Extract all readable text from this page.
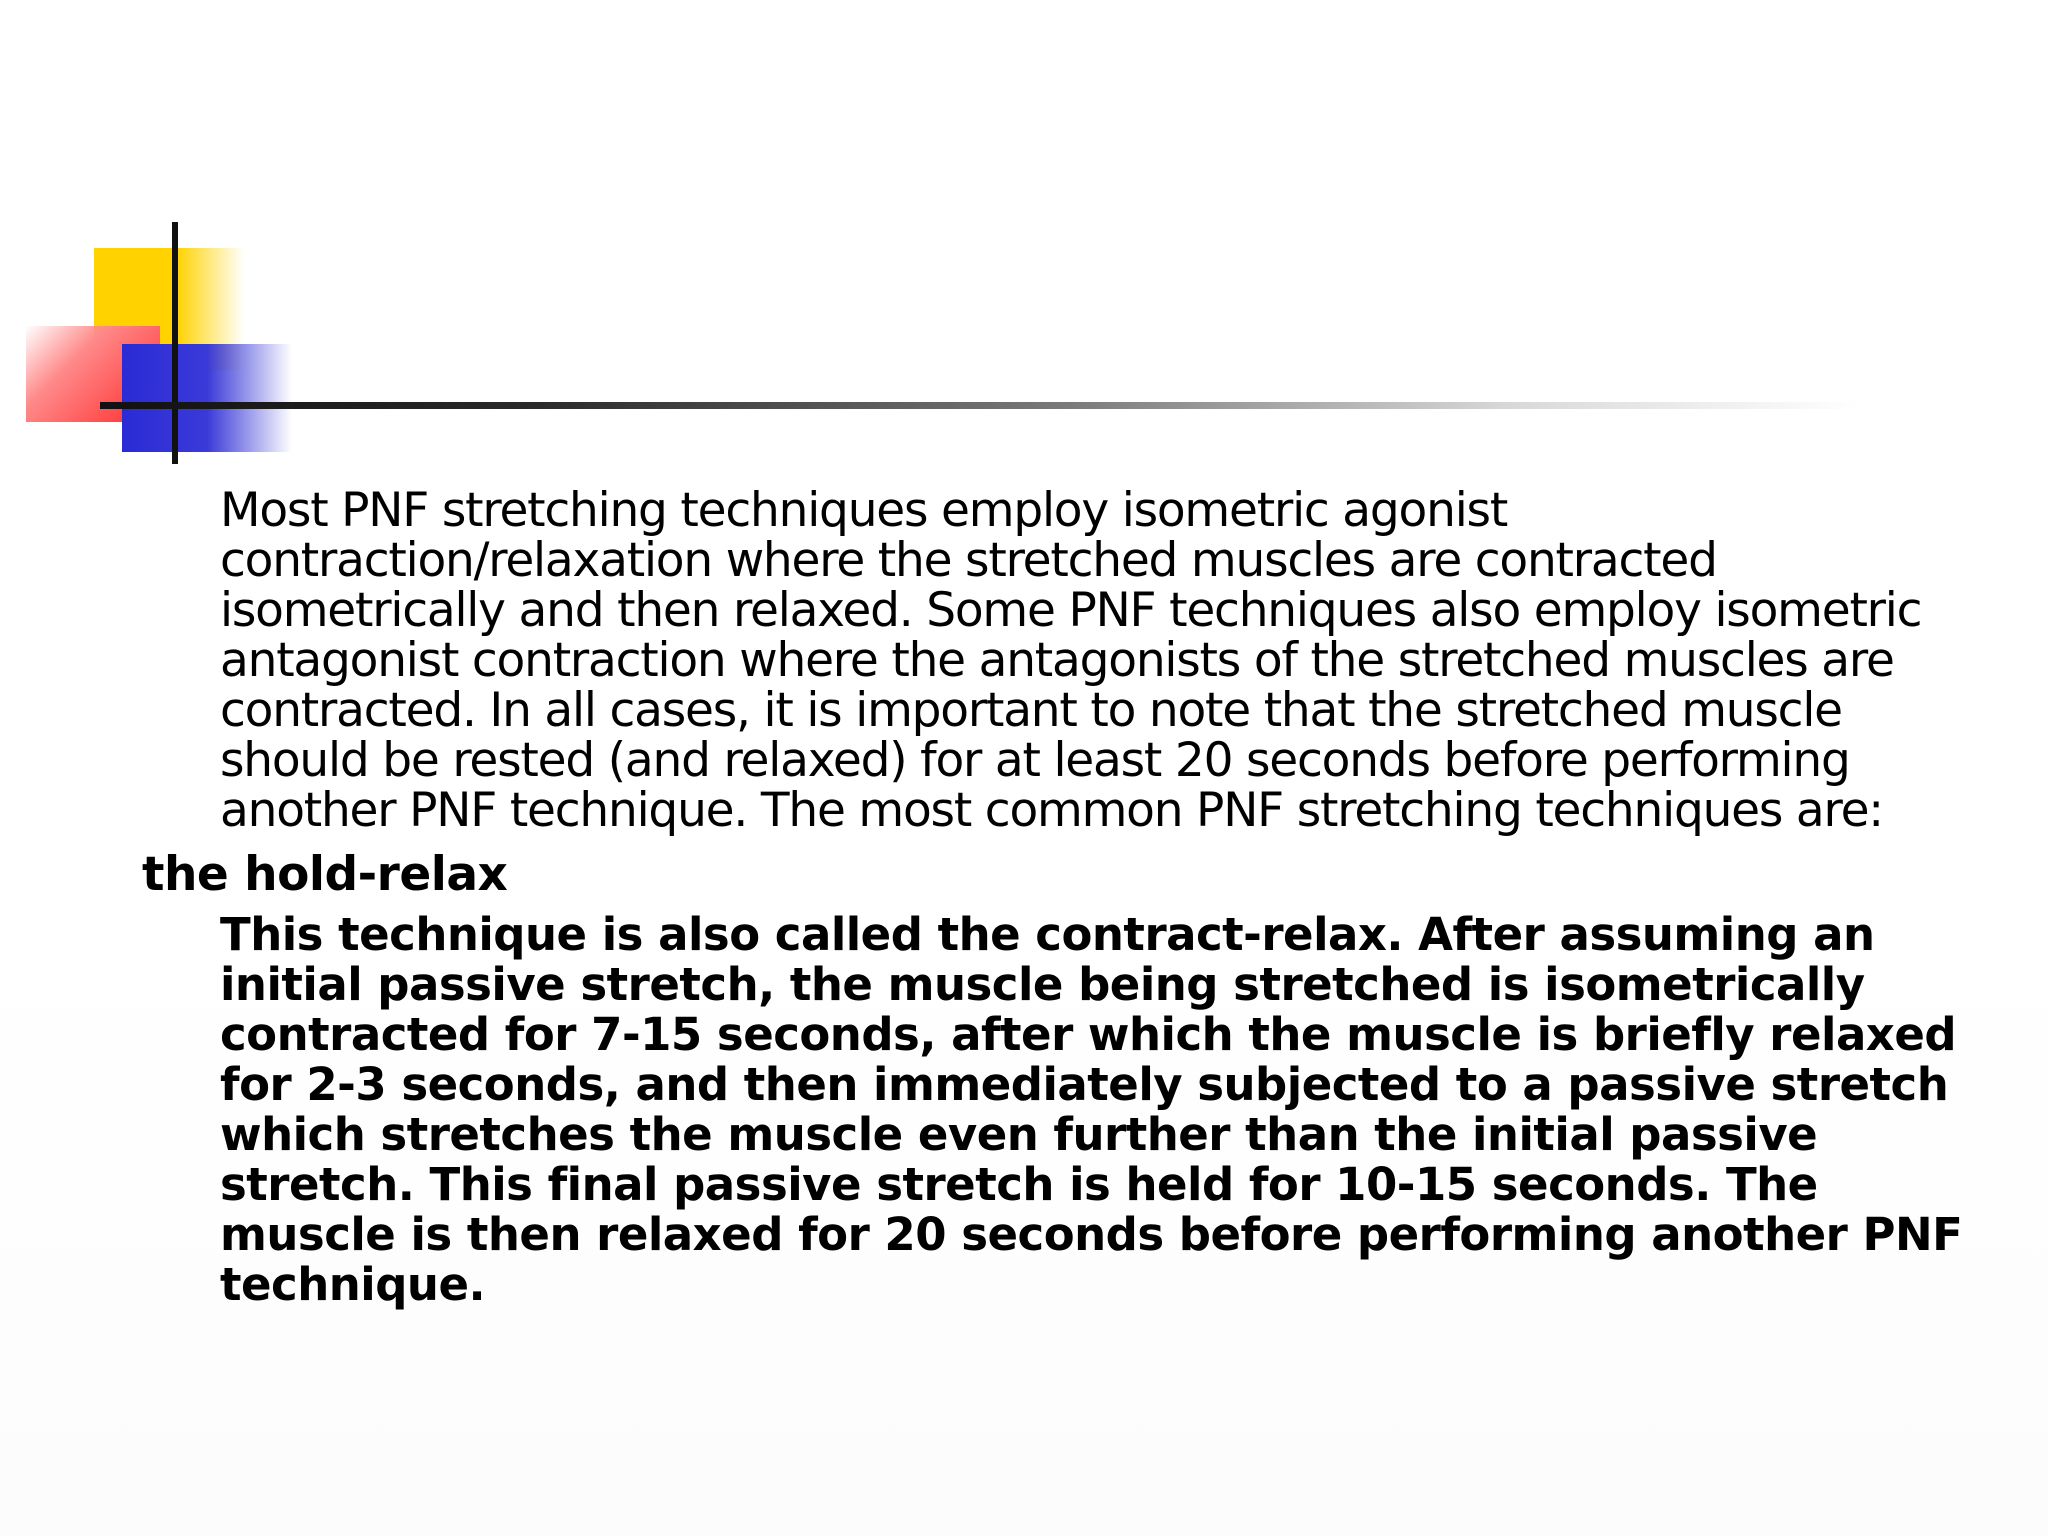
Most PNF stretching techniques employ isometric agonist contraction/relaxation where the stretched muscles are contracted isometrically and then relaxed. Some PNF techniques also employ isometric antagonist contraction where the antagonists of the stretched muscles are contracted. In all cases, it is important to note that the stretched muscle should be rested (and relaxed) for at least 20 seconds before performing another PNF technique. The most common PNF stretching techniques are:

the hold-relax

This technique is also called the contract-relax. After assuming an initial passive stretch, the muscle being stretched is isometrically contracted for 7-15 seconds, after which the muscle is briefly relaxed for 2-3 seconds, and then immediately subjected to a passive stretch which stretches the muscle even further than the initial passive stretch. This final passive stretch is held for 10-15 seconds. The muscle is then relaxed for 20 seconds before performing another PNF technique.
